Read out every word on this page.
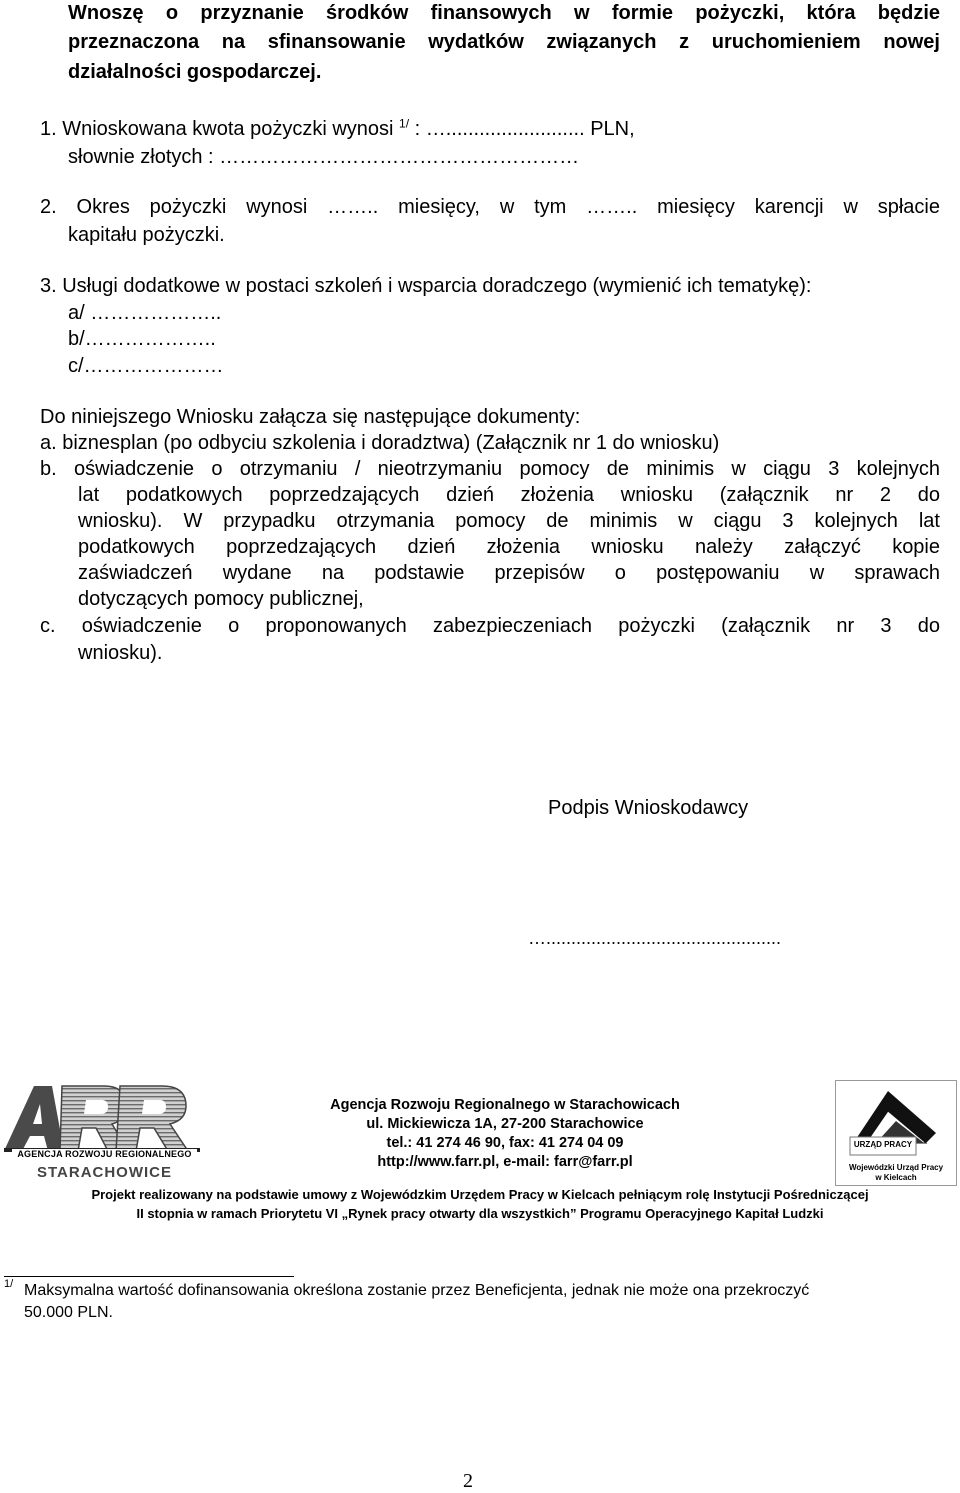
Wnoszę o przyznanie środków finansowych w formie pożyczki, która będzie
przeznaczona na sfinansowanie wydatków związanych z uruchomieniem nowej
działalności gospodarczej.
1. Wnioskowana kwota pożyczki wynosi $^{1/}$ : …......................... PLN,
słownie złotych : ………………………………………………
2. Okres pożyczki wynosi …….. miesięcy, w tym …….. miesięcy karencji w spłacie
kapitału pożyczki.
3. Usługi dodatkowe w postaci szkoleń i wsparcia doradczego (wymienić ich tematykę):
a/ ………………..
b/………………..
c/…………………
Do niniejszego Wniosku załącza się następujące dokumenty:
a. biznesplan (po odbyciu szkolenia i doradztwa) (Załącznik nr 1 do wniosku)
b. oświadczenie o otrzymaniu / nieotrzymaniu pomocy de minimis w ciągu 3 kolejnych
lat podatkowych poprzedzających dzień złożenia wniosku (załącznik nr 2 do
wniosku). W przypadku otrzymania pomocy de minimis w ciągu 3 kolejnych lat
podatkowych poprzedzających dzień złożenia wniosku należy załączyć kopie
zaświadczeń wydane na podstawie przepisów o postępowaniu w sprawach
dotyczących pomocy publicznej,
c. oświadczenie o proponowanych zabezpieczeniach pożyczki (załącznik nr 3 do
wniosku).
Podpis Wnioskodawcy
…...............................................
AGENCJA ROZWOJU REGIONALNEGO
STARACHOWICE
Agencja Rozwoju Regionalnego w Starachowicach
ul. Mickiewicza 1A, 27-200 Starachowice
tel.: 41 274 46 90, fax: 41 274 04 09
http://www.farr.pl, e-mail: farr@farr.pl
URZĄD PRACY
Wojewódzki Urząd Pracy
w Kielcach
Projekt realizowany na podstawie umowy z Wojewódzkim Urzędem Pracy w Kielcach pełniącym rolę Instytucji Pośredniczącej
II stopnia w ramach Priorytetu VI „Rynek pracy otwarty dla wszystkich” Programu Operacyjnego Kapitał Ludzki
1/ Maksymalna wartość dofinansowania określona zostanie przez Beneficjenta, jednak nie może ona przekroczyć
50.000 PLN.
2
